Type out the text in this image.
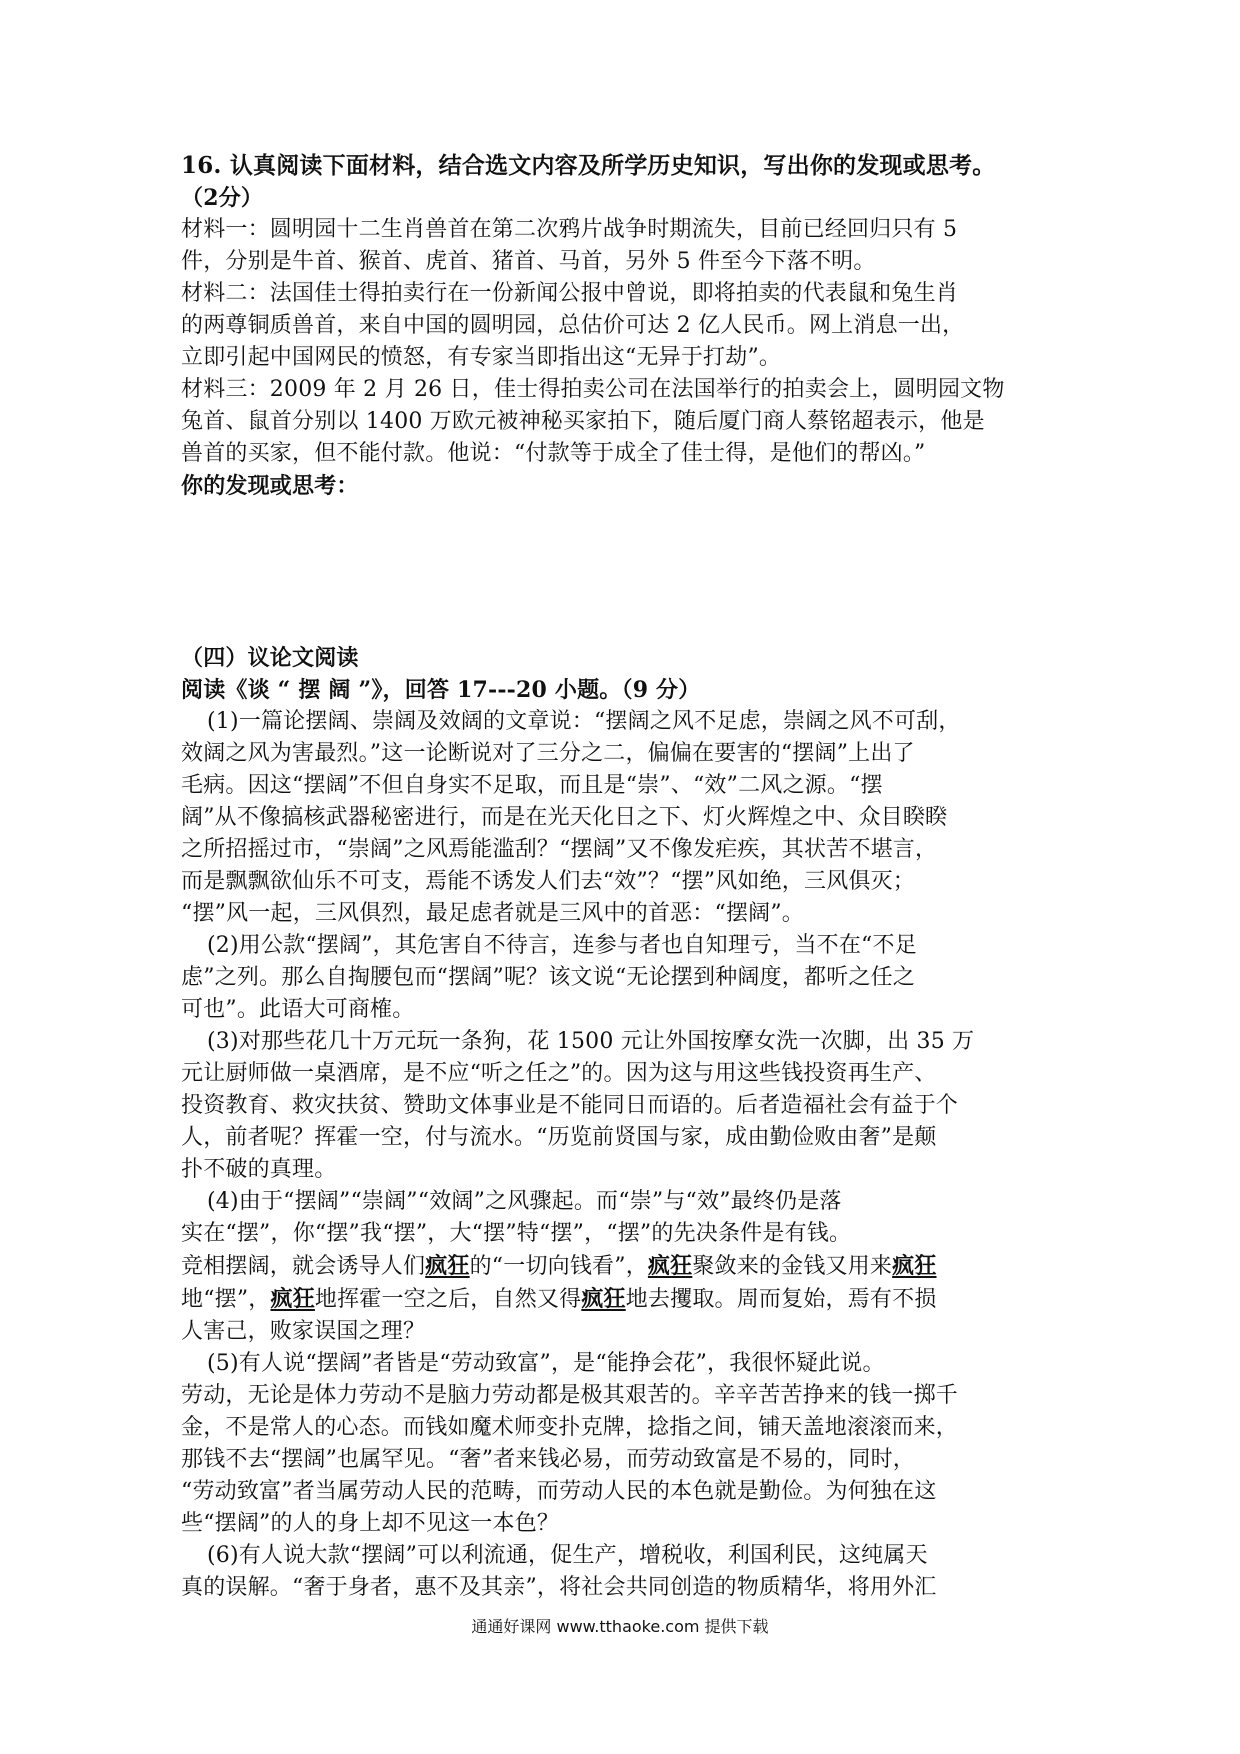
16. 认真阅读下面材料，结合选文内容及所学历史知识，写出你的发现或思考。
（2分）
材料一：圆明园十二生肖兽首在第二次鸦片战争时期流失，目前已经回归只有 5
件，分别是牛首、猴首、虎首、猪首、马首，另外 5 件至今下落不明。
材料二：法国佳士得拍卖行在一份新闻公报中曾说，即将拍卖的代表鼠和兔生肖
的两尊铜质兽首，来自中国的圆明园，总估价可达 2 亿人民币。网上消息一出，
立即引起中国网民的愤怒，有专家当即指出这“无异于打劫”。
材料三：2009 年 2 月 26 日，佳士得拍卖公司在法国举行的拍卖会上，圆明园文物
兔首、鼠首分别以 1400 万欧元被神秘买家拍下，随后厦门商人蔡铭超表示，他是
兽首的买家，但不能付款。他说：“付款等于成全了佳士得，是他们的帮凶。”
你的发现或思考：
（四）议论文阅读
阅读《谈 “ 摆 阔 ”》，回答 17---20 小题。（9 分）
(1)一篇论摆阔、崇阔及效阔的文章说：“摆阔之风不足虑，崇阔之风不可刮，
效阔之风为害最烈。”这一论断说对了三分之二，偏偏在要害的“摆阔”上出了
毛病。因这“摆阔”不但自身实不足取，而且是“崇”、“效”二风之源。“摆
阔”从不像搞核武器秘密进行，而是在光天化日之下、灯火辉煌之中、众目睽睽
之所招摇过市，“崇阔”之风焉能滥刮？“摆阔”又不像发疟疾，其状苦不堪言，
而是飘飘欲仙乐不可支，焉能不诱发人们去“效”？“摆”风如绝，三风俱灭；
“摆”风一起，三风俱烈，最足虑者就是三风中的首恶：“摆阔”。
(2)用公款“摆阔”，其危害自不待言，连参与者也自知理亏，当不在“不足
虑”之列。那么自掏腰包而“摆阔”呢？该文说“无论摆到种阔度，都听之任之
可也”。此语大可商榷。
(3)对那些花几十万元玩一条狗，花 1500 元让外国按摩女洗一次脚，出 35 万
元让厨师做一桌酒席，是不应“听之任之”的。因为这与用这些钱投资再生产、
投资教育、救灾扶贫、赞助文体事业是不能同日而语的。后者造福社会有益于个
人，前者呢？挥霍一空，付与流水。“历览前贤国与家，成由勤俭败由奢”是颠
扑不破的真理。
(4)由于“摆阔”“崇阔”“效阔”之风骤起。而“崇”与“效”最终仍是落
实在“摆”，你“摆”我“摆”，大“摆”特“摆”，“摆”的先决条件是有钱。
竞相摆阔，就会诱导人们疯狂的“一切向钱看”，疯狂聚敛来的金钱又用来疯狂
地“摆”，疯狂地挥霍一空之后，自然又得疯狂地去攫取。周而复始，焉有不损
人害己，败家误国之理？
(5)有人说“摆阔”者皆是“劳动致富”，是“能挣会花”，我很怀疑此说。
劳动，无论是体力劳动不是脑力劳动都是极其艰苦的。辛辛苦苦挣来的钱一掷千
金，不是常人的心态。而钱如魔术师变扑克牌，捻指之间，铺天盖地滚滚而来，
那钱不去“摆阔”也属罕见。“奢”者来钱必易，而劳动致富是不易的，同时，
“劳动致富”者当属劳动人民的范畴，而劳动人民的本色就是勤俭。为何独在这
些“摆阔”的人的身上却不见这一本色？
(6)有人说大款“摆阔”可以利流通，促生产，增税收，利国利民，这纯属天
真的误解。“奢于身者，惠不及其亲”，将社会共同创造的物质精华，将用外汇
通通好课网 www.tthaoke.com 提供下载
